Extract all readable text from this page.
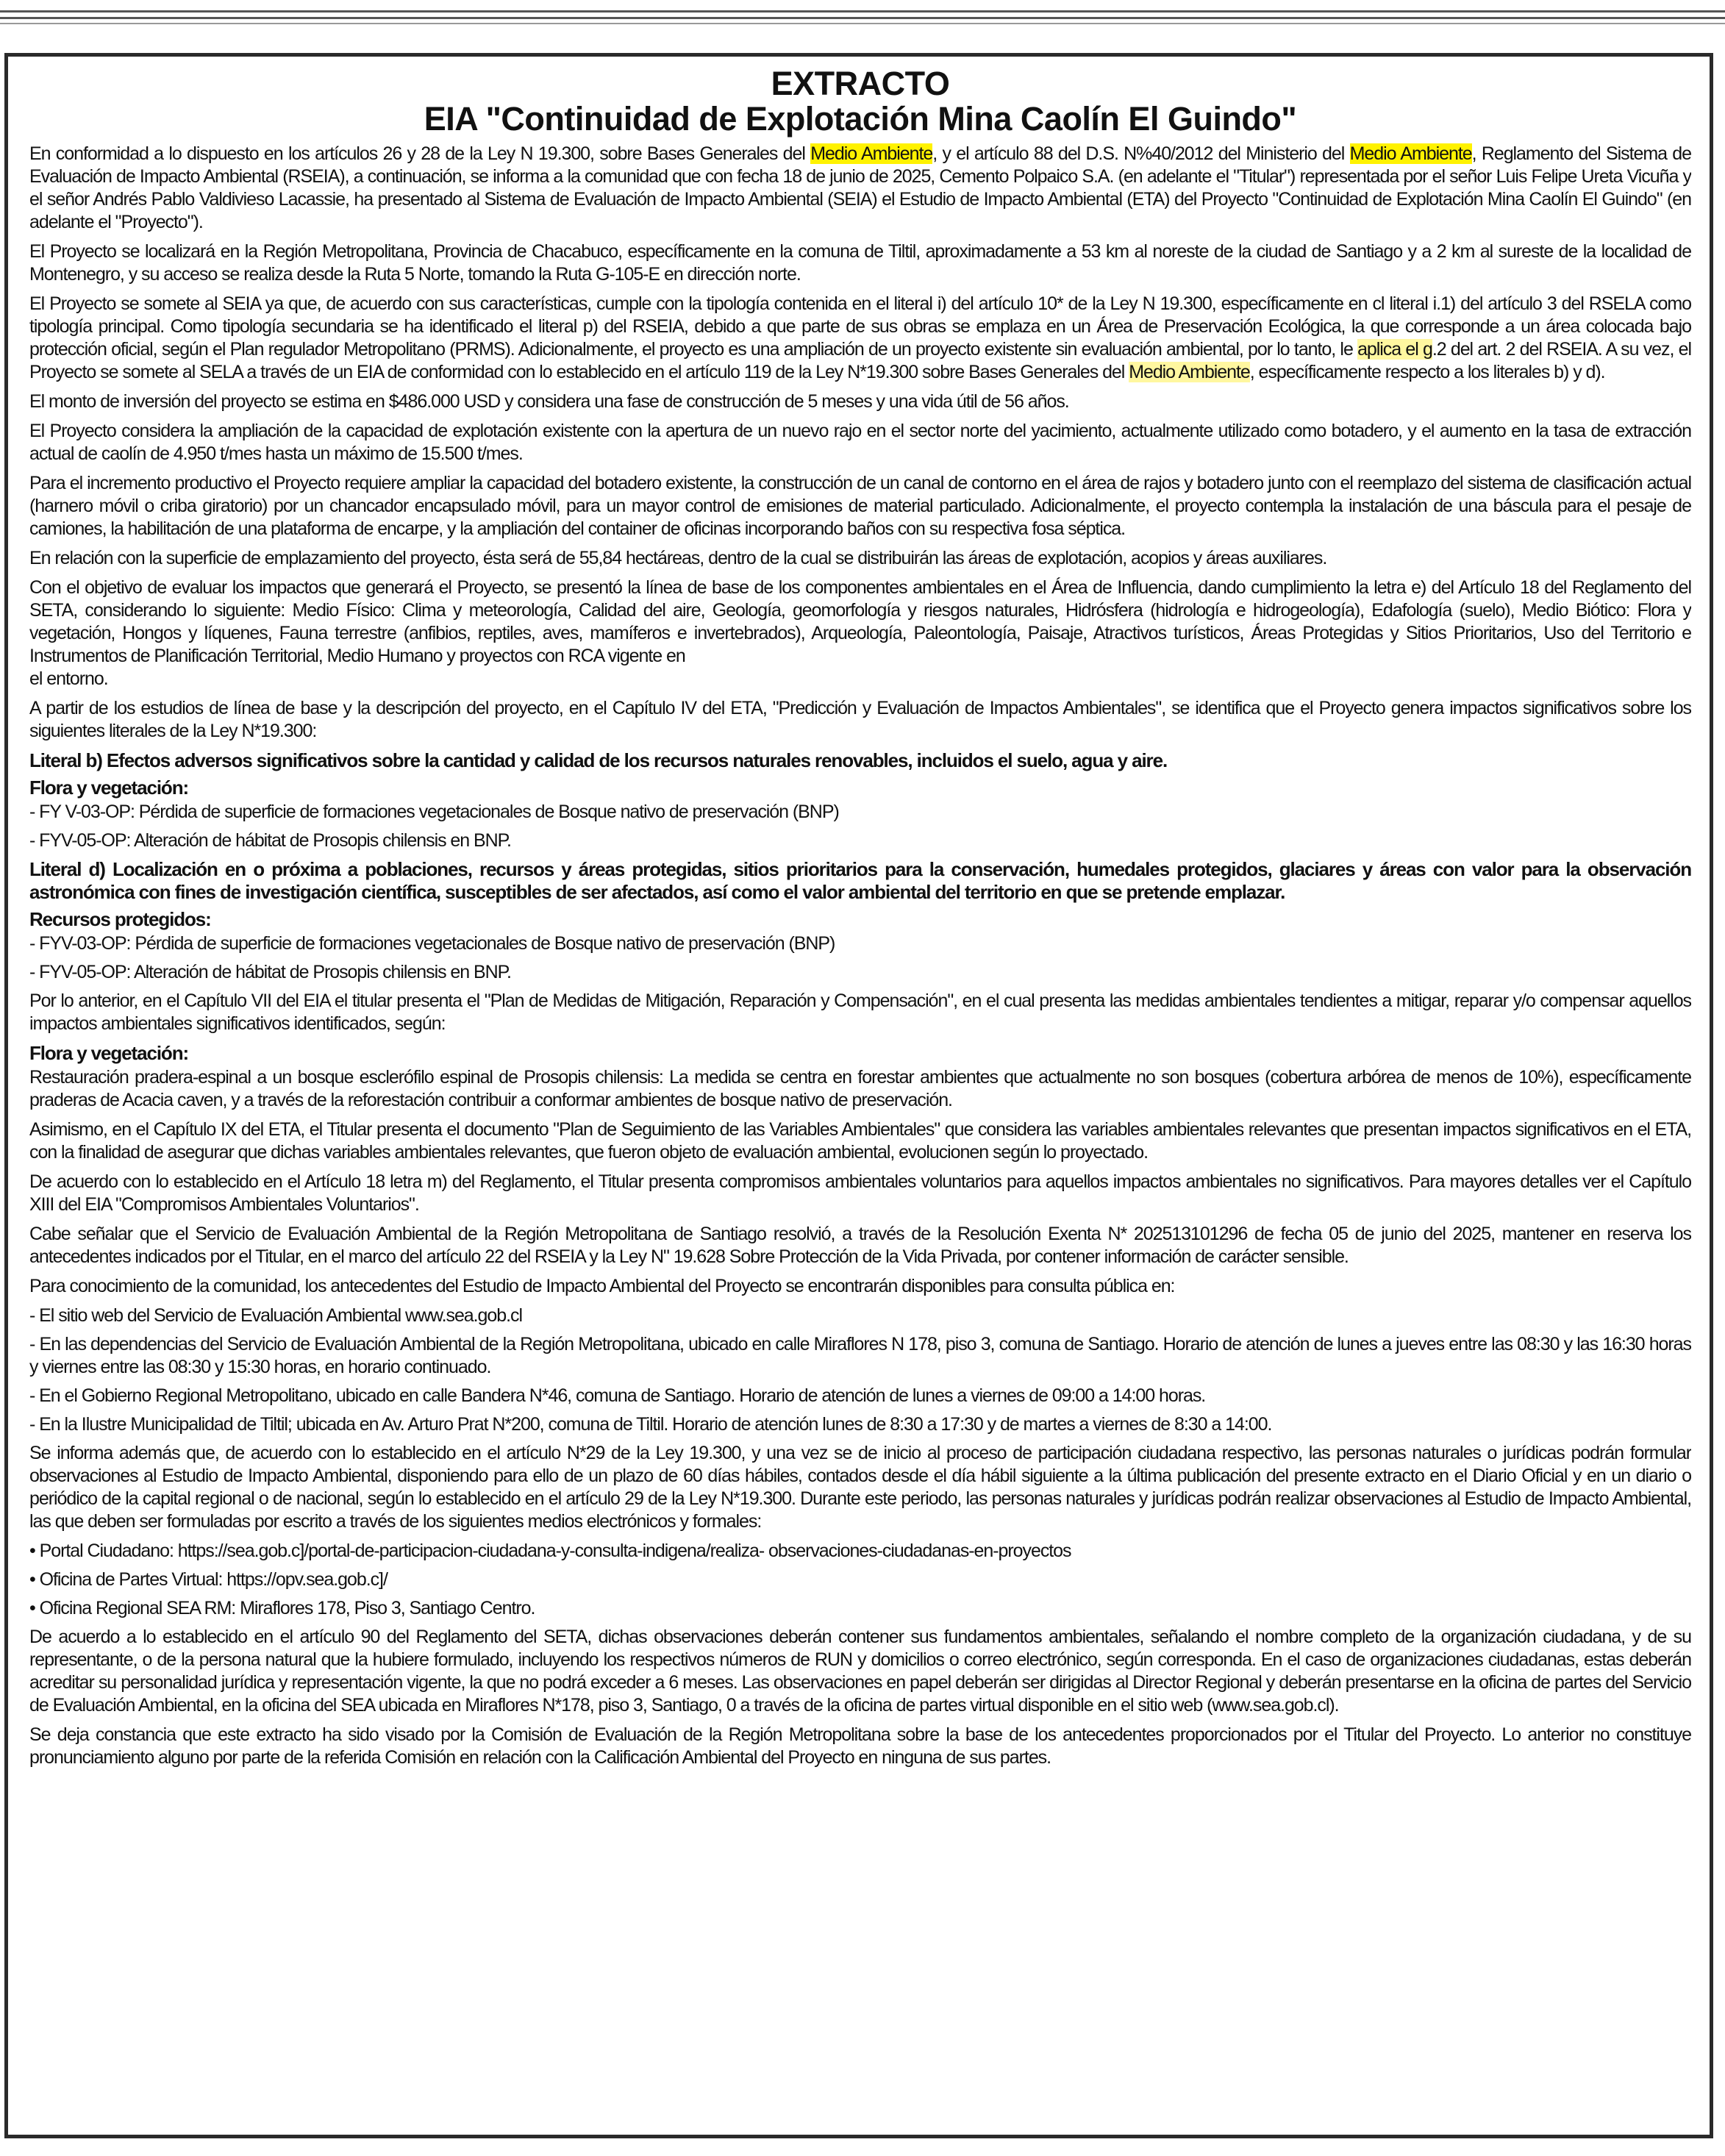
EXTRACTO
EIA "Continuidad de Explotación Mina Caolín El Guindo"

En conformidad a lo dispuesto en los artículos 26 y 28 de la Ley N 19.300, sobre Bases Generales del Medio Ambiente, y el artículo 88 del D.S. N%40/2012 del Ministerio del Medio Ambiente, Reglamento del Sistema de Evaluación de Impacto Ambiental (RSEIA), a continuación, se informa a la comunidad que con fecha 18 de junio de 2025, Cemento Polpaico S.A. (en adelante el "Titular") representada por el señor Luis Felipe Ureta Vicuña y el señor Andrés Pablo Valdivieso Lacassie, ha presentado al Sistema de Evaluación de Impacto Ambiental (SEIA) el Estudio de Impacto Ambiental (ETA) del Proyecto "Continuidad de Explotación Mina Caolín El Guindo" (en adelante el "Proyecto").

El Proyecto se localizará en la Región Metropolitana, Provincia de Chacabuco, específicamente en la comuna de Tiltil, aproximadamente a 53 km al noreste de la ciudad de Santiago y a 2 km al sureste de la localidad de Montenegro, y su acceso se realiza desde la Ruta 5 Norte, tomando la Ruta G-105-E en dirección norte.

El Proyecto se somete al SEIA ya que, de acuerdo con sus características, cumple con la tipología contenida en el literal i) del artículo 10* de la Ley N 19.300, específicamente en cl literal i.1) del artículo 3 del RSELA como tipología principal. Como tipología secundaria se ha identificado el literal p) del RSEIA, debido a que parte de sus obras se emplaza en un Área de Preservación Ecológica, la que corresponde a un área colocada bajo protección oficial, según el Plan regulador Metropolitano (PRMS). Adicionalmente, el proyecto es una ampliación de un proyecto existente sin evaluación ambiental, por lo tanto, le aplica el g.2 del art. 2 del RSEIA. A su vez, el Proyecto se somete al SELA a través de un EIA de conformidad con lo establecido en el artículo 119 de la Ley N*19.300 sobre Bases Generales del Medio Ambiente, específicamente respecto a los literales b) y d).

El monto de inversión del proyecto se estima en $486.000 USD y considera una fase de construcción de 5 meses y una vida útil de 56 años.

El Proyecto considera la ampliación de la capacidad de explotación existente con la apertura de un nuevo rajo en el sector norte del yacimiento, actualmente utilizado como botadero, y el aumento en la tasa de extracción actual de caolín de 4.950 t/mes hasta un máximo de 15.500 t/mes.

Para el incremento productivo el Proyecto requiere ampliar la capacidad del botadero existente, la construcción de un canal de contorno en el área de rajos y botadero junto con el reemplazo del sistema de clasificación actual (harnero móvil o criba giratorio) por un chancador encapsulado móvil, para un mayor control de emisiones de material particulado. Adicionalmente, el proyecto contempla la instalación de una báscula para el pesaje de camiones, la habilitación de una plataforma de encarpe, y la ampliación del container de oficinas incorporando baños con su respectiva fosa séptica.

En relación con la superficie de emplazamiento del proyecto, ésta será de 55,84 hectáreas, dentro de la cual se distribuirán las áreas de explotación, acopios y áreas auxiliares.

Con el objetivo de evaluar los impactos que generará el Proyecto, se presentó la línea de base de los componentes ambientales en el Área de Influencia, dando cumplimiento la letra e) del Artículo 18 del Reglamento del SETA, considerando lo siguiente: Medio Físico: Clima y meteorología, Calidad del aire, Geología, geomorfología y riesgos naturales, Hidrósfera (hidrología e hidrogeología), Edafología (suelo), Medio Biótico: Flora y vegetación, Hongos y líquenes, Fauna terrestre (anfibios, reptiles, aves, mamíferos e invertebrados), Arqueología, Paleontología, Paisaje, Atractivos turísticos, Áreas Protegidas y Sitios Prioritarios, Uso del Territorio e Instrumentos de Planificación Territorial, Medio Humano y proyectos con RCA vigente en
el entorno.

A partir de los estudios de línea de base y la descripción del proyecto, en el Capítulo IV del ETA, "Predicción y Evaluación de Impactos Ambientales", se identifica que el Proyecto genera impactos significativos sobre los siguientes literales de la Ley N*19.300:

Literal b) Efectos adversos significativos sobre la cantidad y calidad de los recursos naturales renovables, incluidos el suelo, agua y aire.
Flora y vegetación:
- FY V-03-OP: Pérdida de superficie de formaciones vegetacionales de Bosque nativo de preservación (BNP)
- FYV-05-OP: Alteración de hábitat de Prosopis chilensis en BNP.
Literal d) Localización en o próxima a poblaciones, recursos y áreas protegidas, sitios prioritarios para la conservación, humedales protegidos, glaciares y áreas con valor para la observación astronómica con fines de investigación científica, susceptibles de ser afectados, así como el valor ambiental del territorio en que se pretende emplazar.
Recursos protegidos:
- FYV-03-OP: Pérdida de superficie de formaciones vegetacionales de Bosque nativo de preservación (BNP)
- FYV-05-OP: Alteración de hábitat de Prosopis chilensis en BNP.

Por lo anterior, en el Capítulo VII del EIA el titular presenta el "Plan de Medidas de Mitigación, Reparación y Compensación", en el cual presenta las medidas ambientales tendientes a mitigar, reparar y/o compensar aquellos impactos ambientales significativos identificados, según:

Flora y vegetación:

Restauración pradera-espinal a un bosque esclerófilo espinal de Prosopis chilensis: La medida se centra en forestar ambientes que actualmente no son bosques (cobertura arbórea de menos de 10%), específicamente praderas de Acacia caven, y a través de la reforestación contribuir a conformar ambientes de bosque nativo de preservación.

Asimismo, en el Capítulo IX del ETA, el Titular presenta el documento "Plan de Seguimiento de las Variables Ambientales" que considera las variables ambientales relevantes que presentan impactos significativos en el ETA, con la finalidad de asegurar que dichas variables ambientales relevantes, que fueron objeto de evaluación ambiental, evolucionen según lo proyectado.

De acuerdo con lo establecido en el Artículo 18 letra m) del Reglamento, el Titular presenta compromisos ambientales voluntarios para aquellos impactos ambientales no significativos. Para mayores detalles ver el Capítulo XIII del EIA "Compromisos Ambientales Voluntarios".

Cabe señalar que el Servicio de Evaluación Ambiental de la Región Metropolitana de Santiago resolvió, a través de la Resolución Exenta N* 202513101296 de fecha 05 de junio del 2025, mantener en reserva los antecedentes indicados por el Titular, en el marco del artículo 22 del RSEIA y la Ley N" 19.628 Sobre Protección de la Vida Privada, por contener información de carácter sensible.

Para conocimiento de la comunidad, los antecedentes del Estudio de Impacto Ambiental del Proyecto se encontrarán disponibles para consulta pública en:

- El sitio web del Servicio de Evaluación Ambiental www.sea.gob.cl
- En las dependencias del Servicio de Evaluación Ambiental de la Región Metropolitana, ubicado en calle Miraflores N 178, piso 3, comuna de Santiago. Horario de atención de lunes a jueves entre las 08:30 y las 16:30 horas y viernes entre las 08:30 y 15:30 horas, en horario continuado.
- En el Gobierno Regional Metropolitano, ubicado en calle Bandera N*46, comuna de Santiago. Horario de atención de lunes a viernes de 09:00 a 14:00 horas.
- En la Ilustre Municipalidad de Tiltil; ubicada en Av. Arturo Prat N*200, comuna de Tiltil. Horario de atención lunes de 8:30 a 17:30 y de martes a viernes de 8:30 a 14:00.

Se informa además que, de acuerdo con lo establecido en el artículo N*29 de la Ley 19.300, y una vez se de inicio al proceso de participación ciudadana respectivo, las personas naturales o jurídicas podrán formular observaciones al Estudio de Impacto Ambiental, disponiendo para ello de un plazo de 60 días hábiles, contados desde el día hábil siguiente a la última publicación del presente extracto en el Diario Oficial y en un diario o periódico de la capital regional o de nacional, según lo establecido en el artículo 29 de la Ley N*19.300. Durante este periodo, las personas naturales y jurídicas podrán realizar observaciones al Estudio de Impacto Ambiental, las que deben ser formuladas por escrito a través de los siguientes medios electrónicos y formales:

• Portal Ciudadano: https://sea.gob.c]/portal-de-participacion-ciudadana-y-consulta-indigena/realiza- observaciones-ciudadanas-en-proyectos
• Oficina de Partes Virtual: https://opv.sea.gob.c]/
• Oficina Regional SEA RM: Miraflores 178, Piso 3, Santiago Centro.

De acuerdo a lo establecido en el artículo 90 del Reglamento del SETA, dichas observaciones deberán contener sus fundamentos ambientales, señalando el nombre completo de la organización ciudadana, y de su representante, o de la persona natural que la hubiere formulado, incluyendo los respectivos números de RUN y domicilios o correo electrónico, según corresponda. En el caso de organizaciones ciudadanas, estas deberán acreditar su personalidad jurídica y representación vigente, la que no podrá exceder a 6 meses. Las observaciones en papel deberán ser dirigidas al Director Regional y deberán presentarse en la oficina de partes del Servicio de Evaluación Ambiental, en la oficina del SEA ubicada en Miraflores N*178, piso 3, Santiago, 0 a través de la oficina de partes virtual disponible en el sitio web (www.sea.gob.cl).

Se deja constancia que este extracto ha sido visado por la Comisión de Evaluación de la Región Metropolitana sobre la base de los antecedentes proporcionados por el Titular del Proyecto. Lo anterior no constituye pronunciamiento alguno por parte de la referida Comisión en relación con la Calificación Ambiental del Proyecto en ninguna de sus partes.
